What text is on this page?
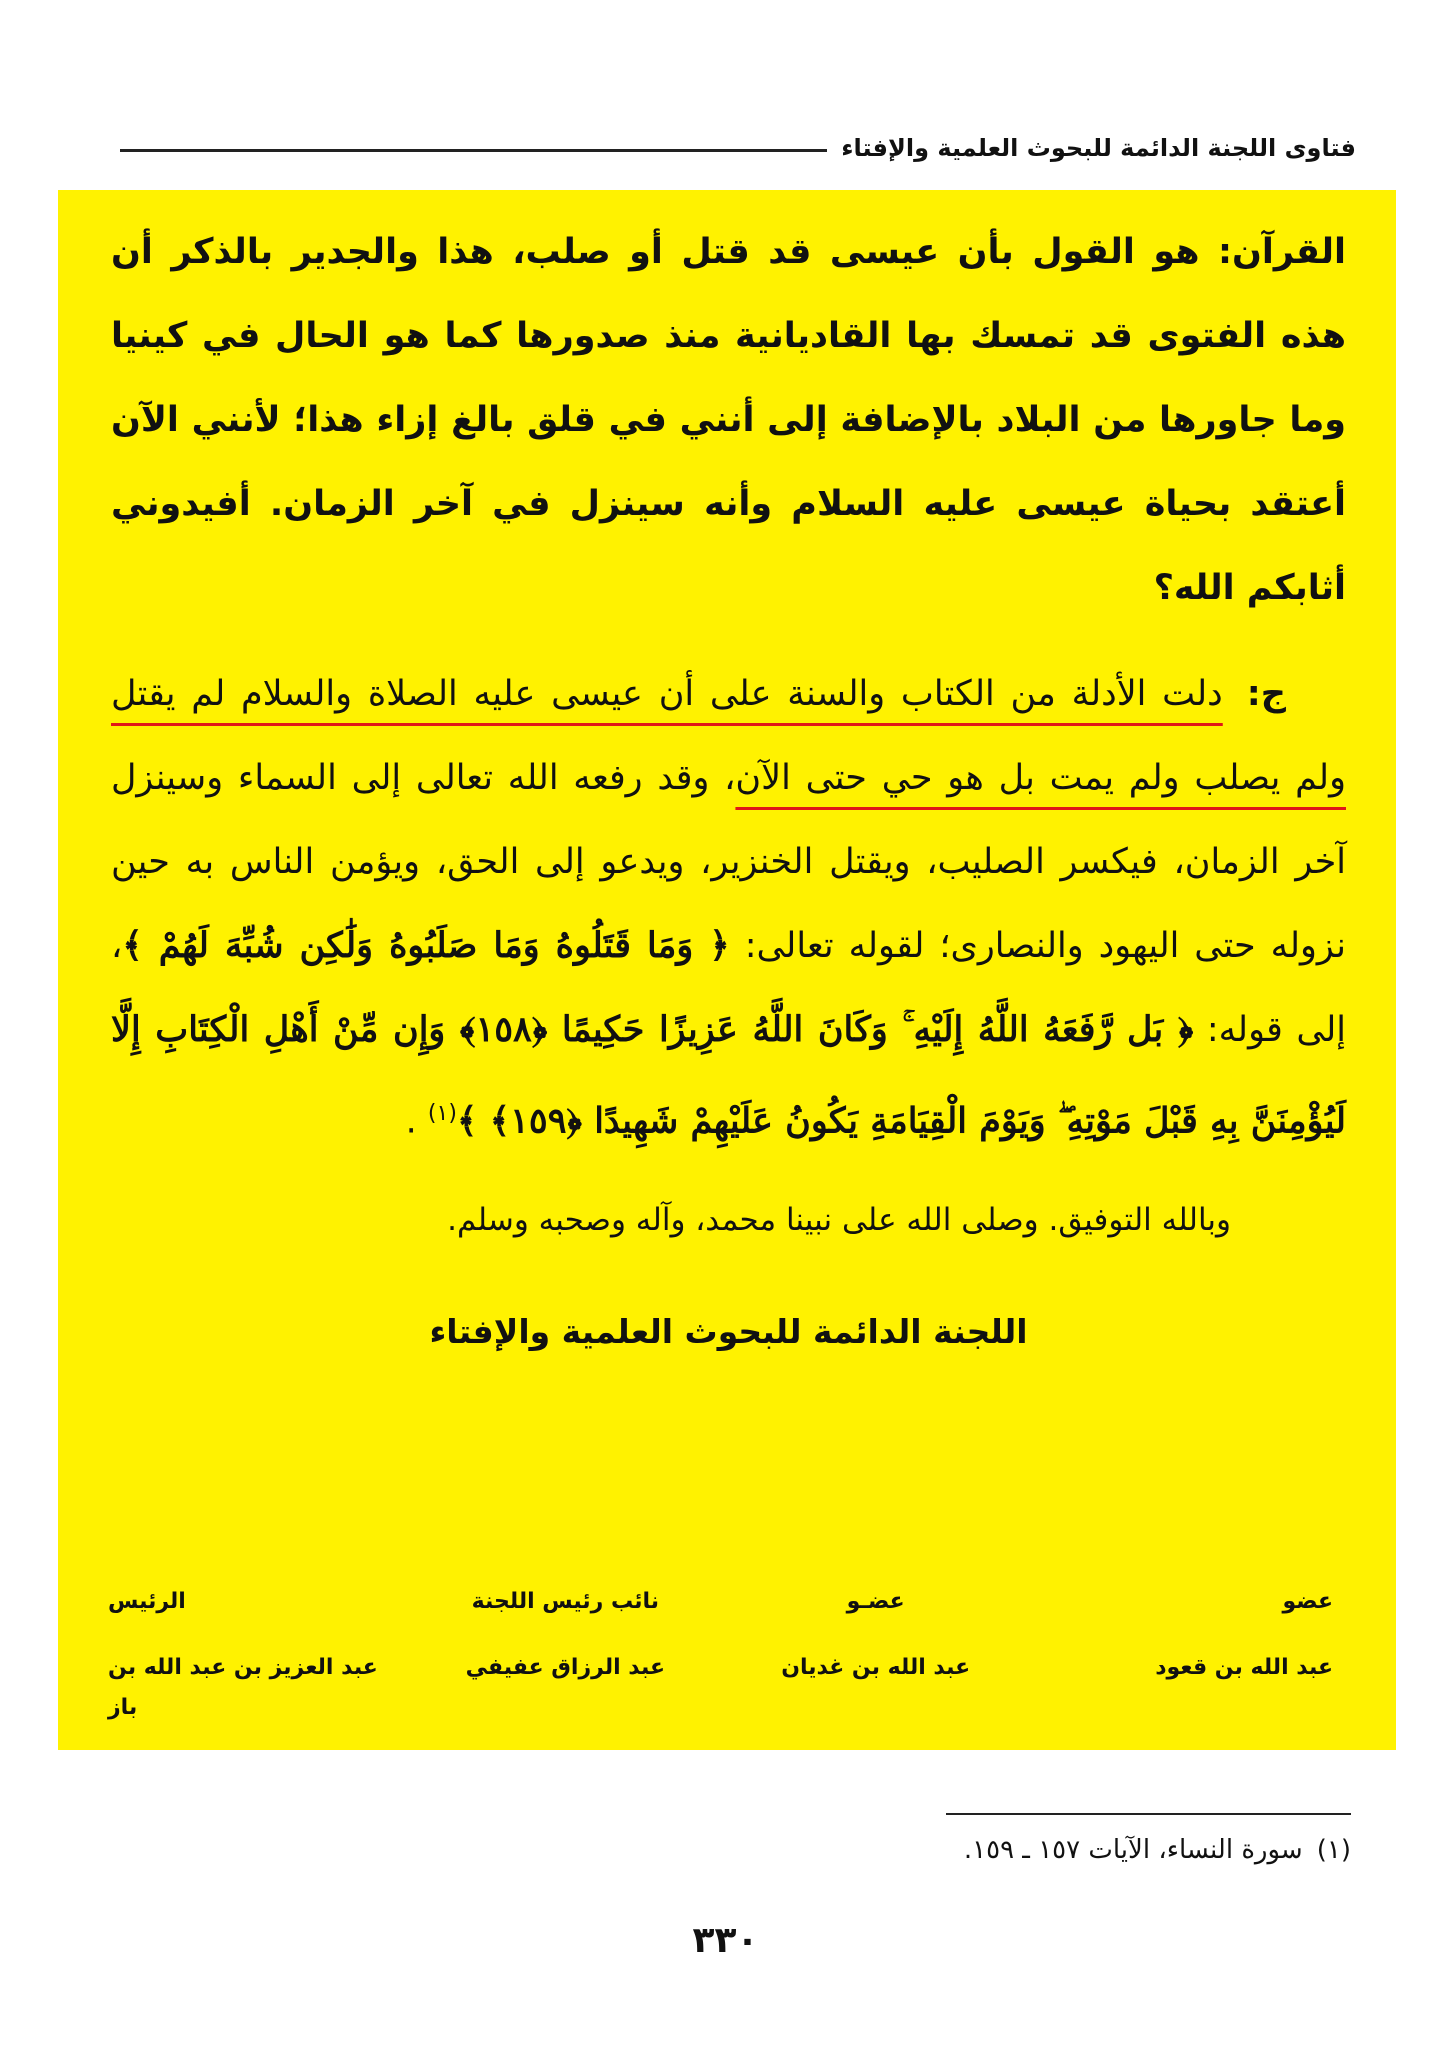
فتاوى اللجنة الدائمة للبحوث العلمية والإفتاء

القرآن: هو القول بأن عيسى قد قتل أو صلب، هذا والجدير بالذكر أن هذه الفتوى قد تمسك بها القاديانية منذ صدورها كما هو الحال في كينيا وما جاورها من البلاد بالإضافة إلى أنني في قلق بالغ إزاء هذا؛ لأنني الآن أعتقد بحياة عيسى عليه السلام وأنه سينزل في آخر الزمان. أفيدوني أثابكم الله؟

ج:دلت الأدلة من الكتاب والسنة على أن عيسى عليه الصلاة والسلام لم يقتل ولم يصلب ولم يمت بل هو حي حتى الآن، وقد رفعه الله تعالى إلى السماء وسينزل آخر الزمان، فيكسر الصليب، ويقتل الخنزير، ويدعو إلى الحق، ويؤمن الناس به حين نزوله حتى اليهود والنصارى؛ لقوله تعالى: ﴿ وَمَا قَتَلُوهُ وَمَا صَلَبُوهُ وَلَٰكِن شُبِّهَ لَهُمْ ﴾، إلى قوله: ﴿ بَل رَّفَعَهُ اللَّهُ إِلَيْهِ ۚ وَكَانَ اللَّهُ عَزِيزًا حَكِيمًا ﴿١٥٨﴾ وَإِن مِّنْ أَهْلِ الْكِتَابِ إِلَّا لَيُؤْمِنَنَّ بِهِ قَبْلَ مَوْتِهِ ۖ وَيَوْمَ الْقِيَامَةِ يَكُونُ عَلَيْهِمْ شَهِيدًا ﴿١٥٩﴾ ﴾$^{(١)}$ .

وبالله التوفيق. وصلى الله على نبينا محمد، وآله وصحبه وسلم.

اللجنة الدائمة للبحوث العلمية والإفتاء

عضو
عبد الله بن قعود
عضـو
عبد الله بن غديان
نائب رئيس اللجنة
عبد الرزاق عفيفي
الرئيس
عبد العزيز بن عبد الله بن باز
(١)سورة النساء، الآيات ١٥٧ ـ ١٥٩.
٣٣٠
